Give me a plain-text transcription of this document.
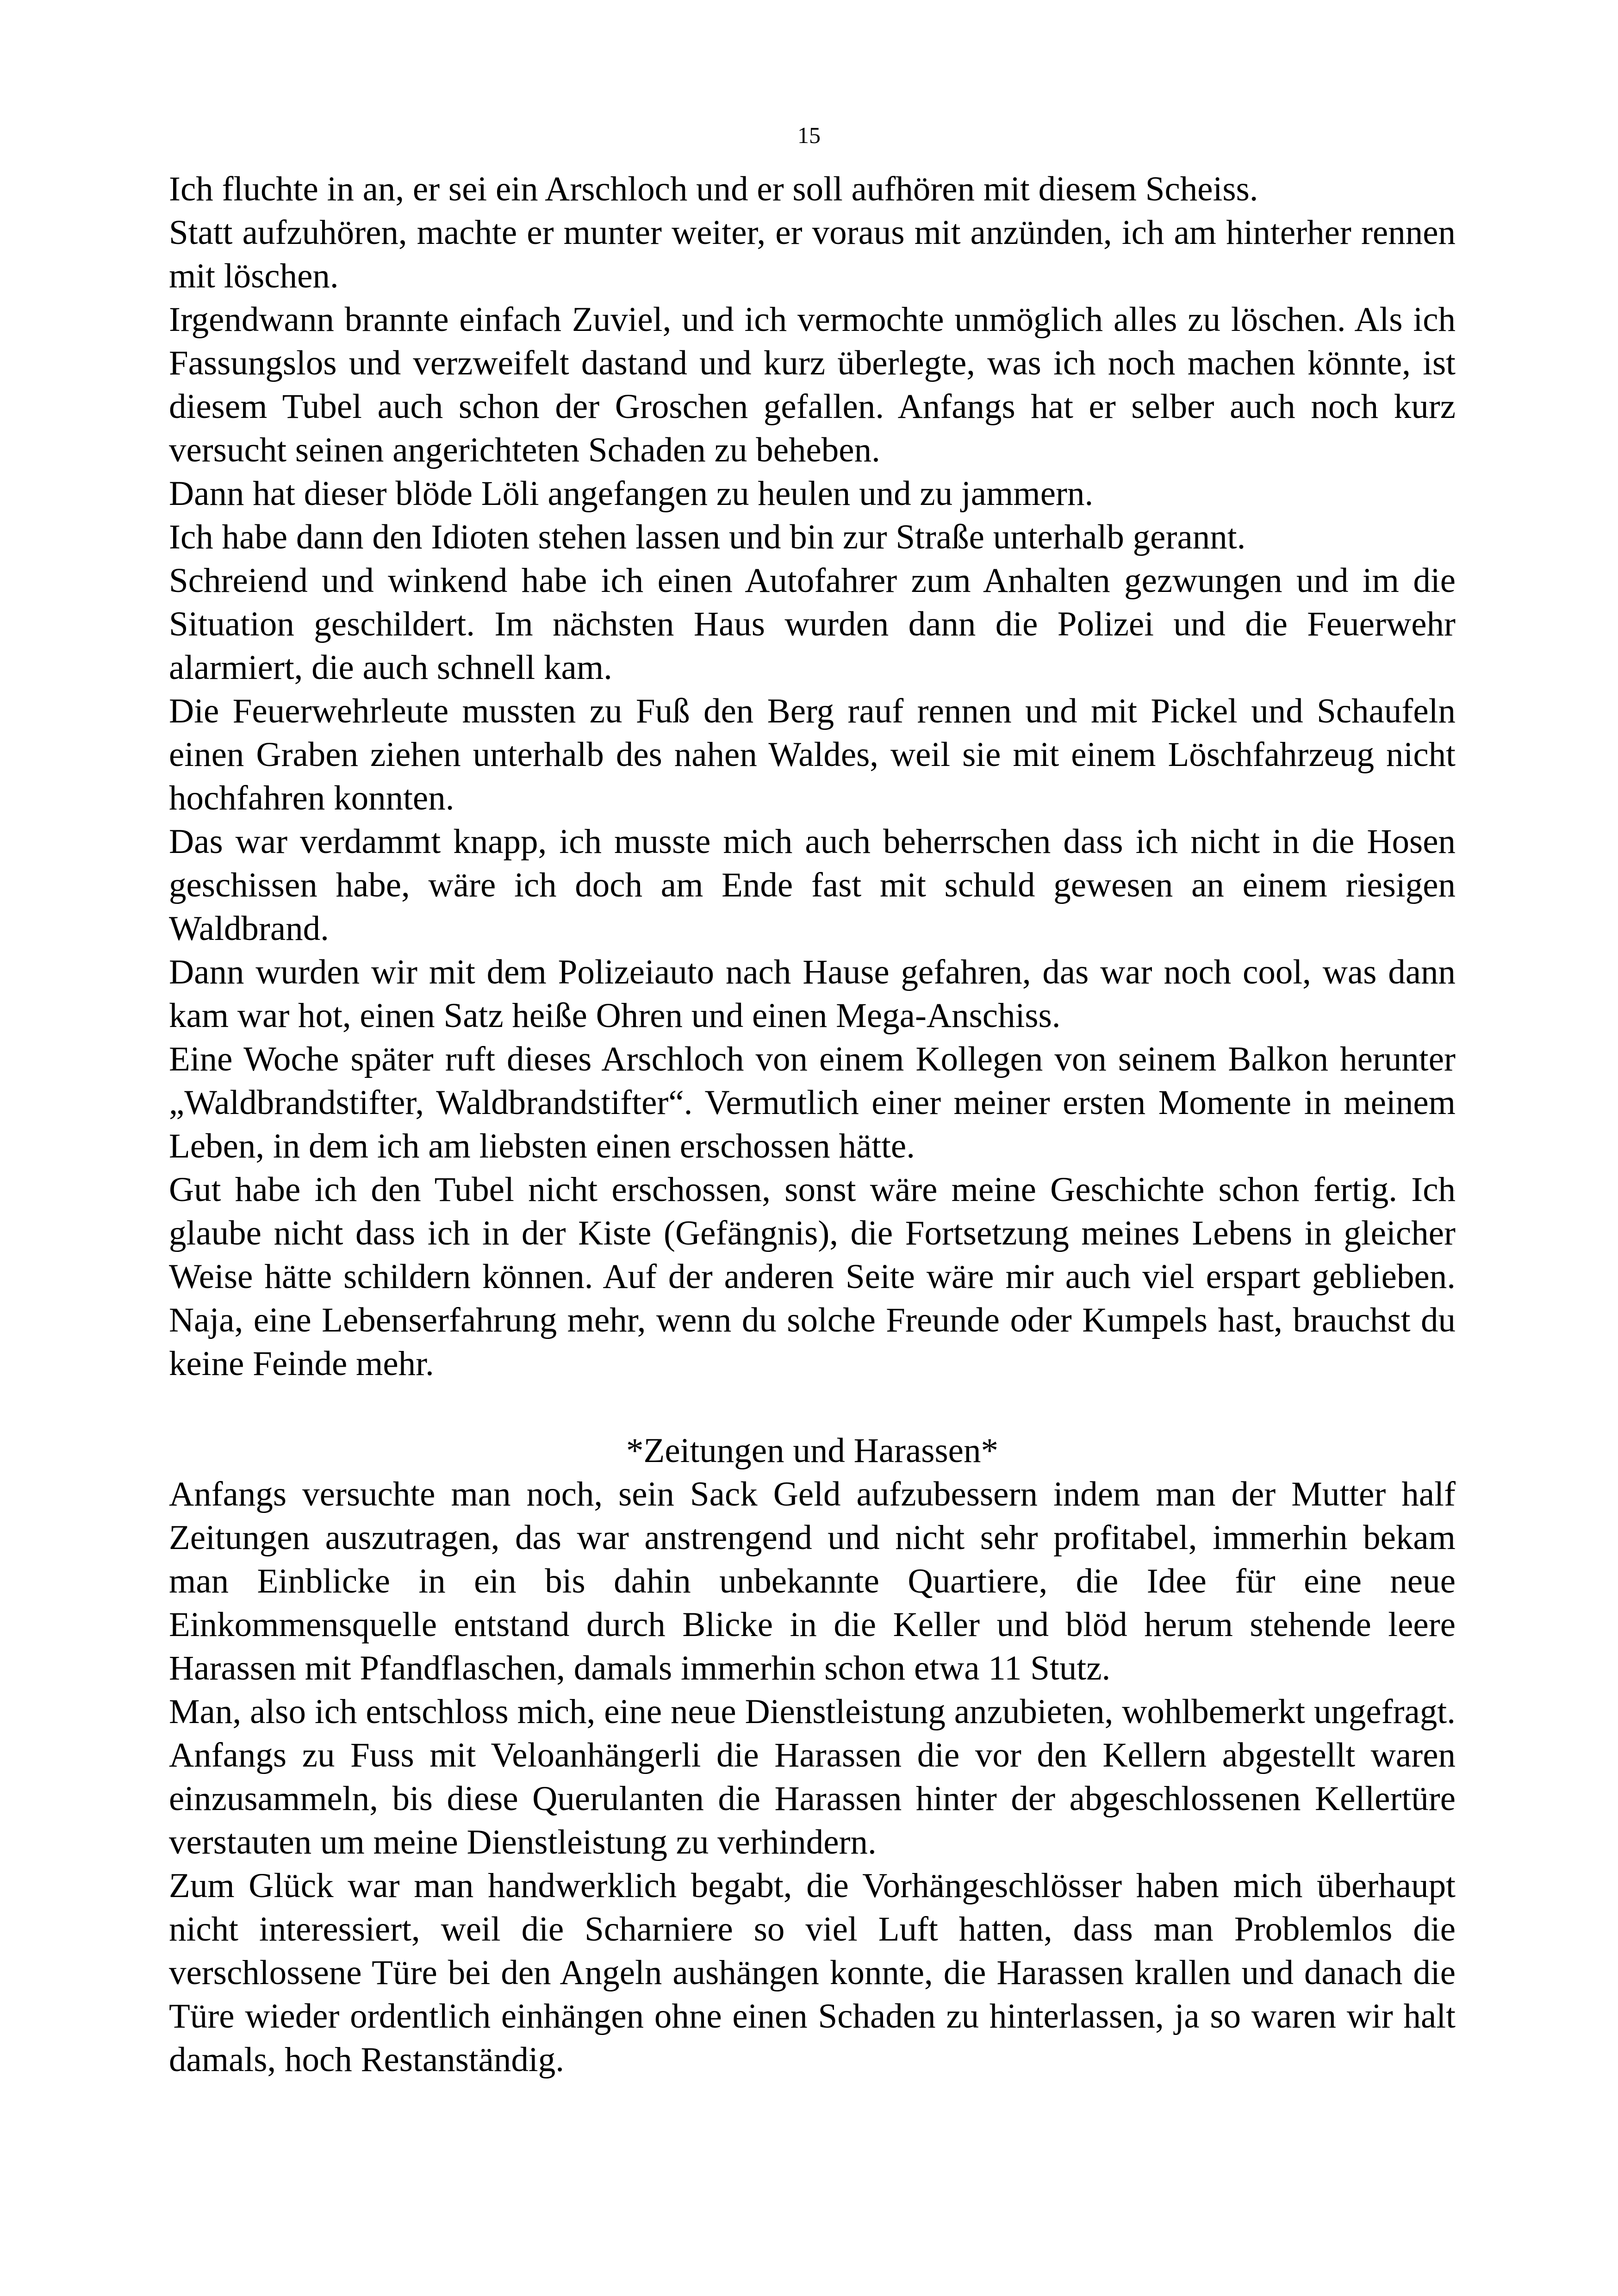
15

Ich fluchte in an, er sei ein Arschloch und er soll aufhören mit diesem Scheiss.

Statt aufzuhören, machte er munter weiter, er voraus mit anzünden, ich am hinterher rennen mit löschen.

Irgendwann brannte einfach Zuviel, und ich vermochte unmöglich alles zu löschen. Als ich Fassungslos und verzweifelt dastand und kurz überlegte, was ich noch machen könnte, ist diesem Tubel auch schon der Groschen gefallen. Anfangs hat er selber auch noch kurz versucht seinen angerichteten Schaden zu beheben.

Dann hat dieser blöde Löli angefangen zu heulen und zu jammern.

Ich habe dann den Idioten stehen lassen und bin zur Straße unterhalb gerannt.

Schreiend und winkend habe ich einen Autofahrer zum Anhalten gezwungen und im die Situation geschildert. Im nächsten Haus wurden dann die Polizei und die Feuerwehr alarmiert, die auch schnell kam.

Die Feuerwehrleute mussten zu Fuß den Berg rauf rennen und mit Pickel und Schaufeln einen Graben ziehen unterhalb des nahen Waldes, weil sie mit einem Löschfahrzeug nicht hochfahren konnten.

Das war verdammt knapp, ich musste mich auch beherrschen dass ich nicht in die Hosen geschissen habe, wäre ich doch am Ende fast mit schuld gewesen an einem riesigen Waldbrand.

Dann wurden wir mit dem Polizeiauto nach Hause gefahren, das war noch cool, was dann kam war hot, einen Satz heiße Ohren und einen Mega-Anschiss.

Eine Woche später ruft dieses Arschloch von einem Kollegen von seinem Balkon herunter „Waldbrandstifter, Waldbrandstifter“. Vermutlich einer meiner ersten Momente in meinem Leben, in dem ich am liebsten einen erschossen hätte.

Gut habe ich den Tubel nicht erschossen, sonst wäre meine Geschichte schon fertig. Ich glaube nicht dass ich in der Kiste (Gefängnis), die Fortsetzung meines Lebens in gleicher Weise hätte schildern können. Auf der anderen Seite wäre mir auch viel erspart geblieben. Naja, eine Lebenserfahrung mehr, wenn du solche Freunde oder Kumpels hast, brauchst du keine Feinde mehr.

*Zeitungen und Harassen*

Anfangs versuchte man noch, sein Sack Geld aufzubessern indem man der Mutter half Zeitungen auszutragen, das war anstrengend und nicht sehr profitabel, immerhin bekam man Einblicke in ein bis dahin unbekannte Quartiere, die Idee für eine neue Einkommensquelle entstand durch Blicke in die Keller und blöd herum stehende leere Harassen mit Pfandflaschen, damals immerhin schon etwa 11 Stutz.

Man, also ich entschloss mich, eine neue Dienstleistung anzubieten, wohlbemerkt ungefragt. Anfangs zu Fuss mit Veloanhängerli die Harassen die vor den Kellern abgestellt waren einzusammeln, bis diese Querulanten die Harassen hinter der abgeschlossenen Kellertüre verstauten um meine Dienstleistung zu verhindern.

Zum Glück war man handwerklich begabt, die Vorhängeschlösser haben mich überhaupt nicht interessiert, weil die Scharniere so viel Luft hatten, dass man Problemlos die verschlossene Türe bei den Angeln aushängen konnte, die Harassen krallen und danach die Türe wieder ordentlich einhängen ohne einen Schaden zu hinterlassen, ja so waren wir halt damals, hoch Restanständig.
